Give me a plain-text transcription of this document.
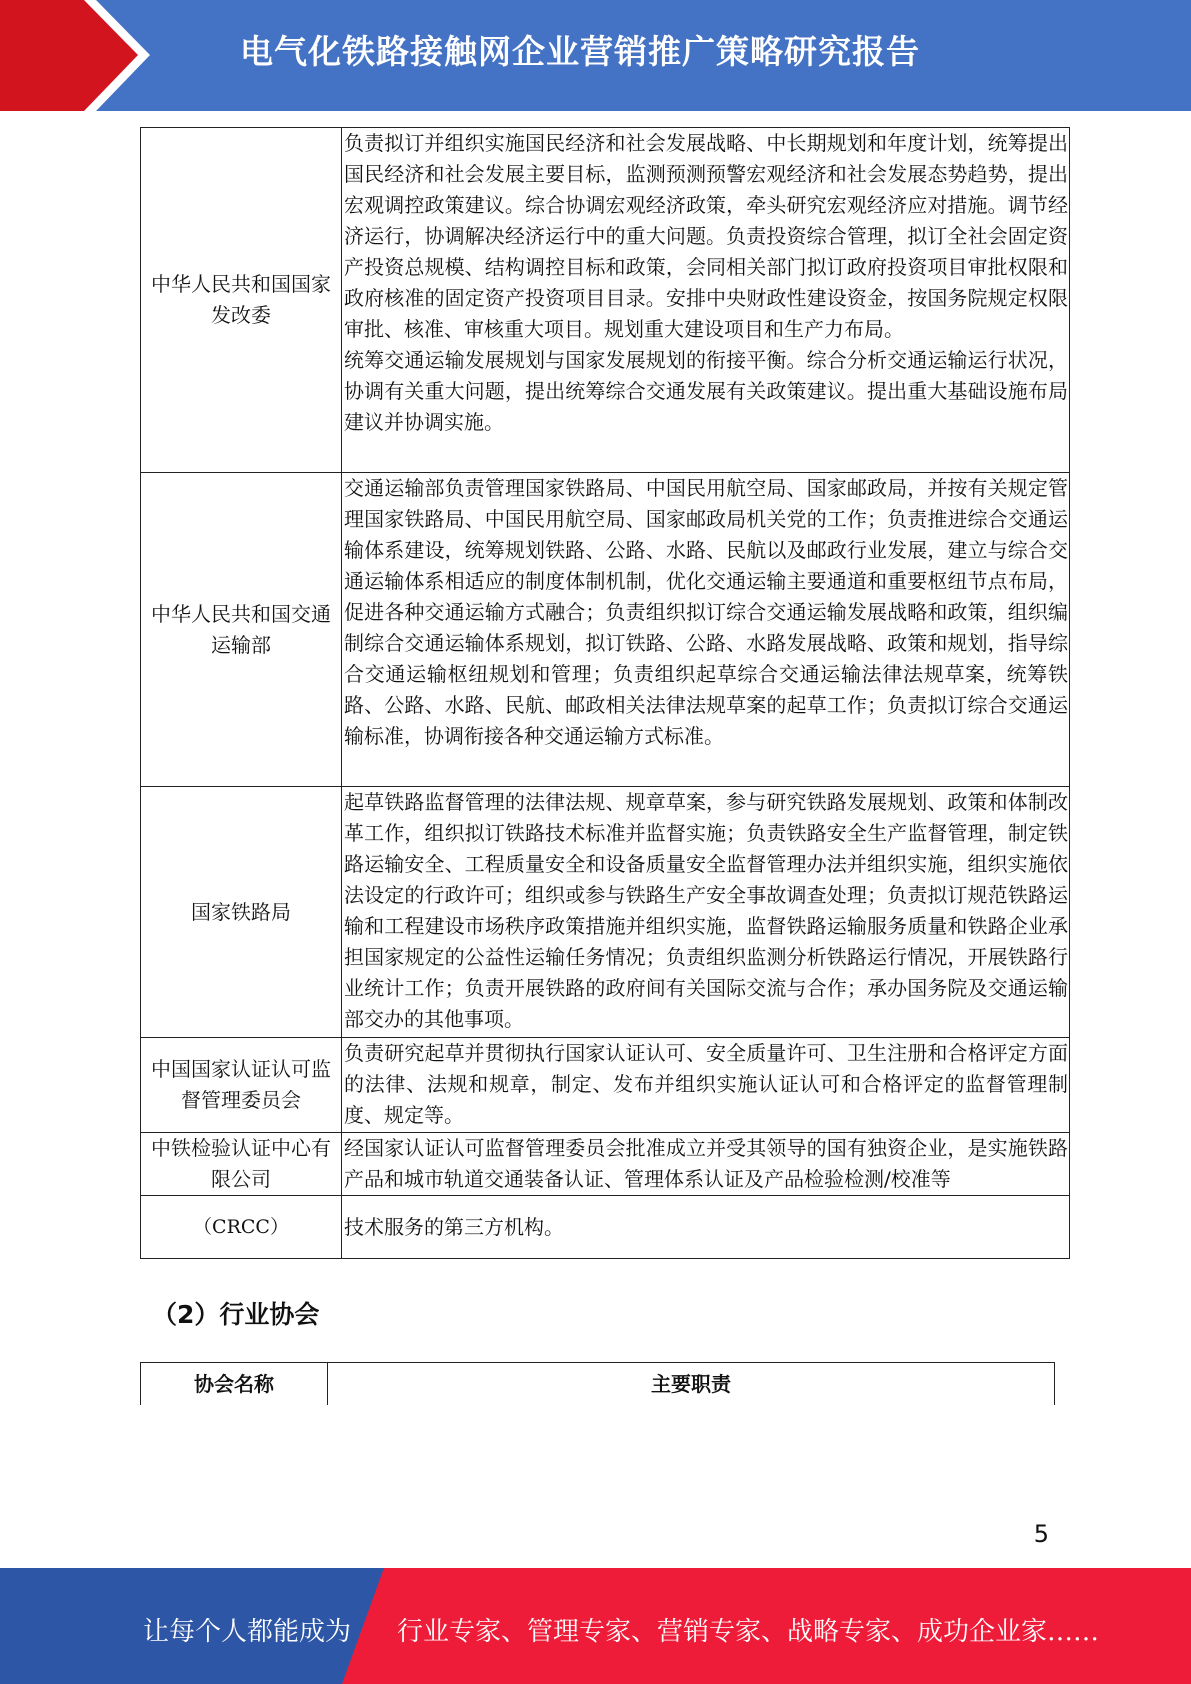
电气化铁路接触网企业营销推广策略研究报告
中华人民共和国国家发改委	负责拟订并组织实施国民经济和社会发展战略、中长期规划和年度计划，统筹提出国民经济和社会发展主要目标，监测预测预警宏观经济和社会发展态势趋势，提出宏观调控政策建议。综合协调宏观经济政策，牵头研究宏观经济应对措施。调节经济运行，协调解决经济运行中的重大问题。负责投资综合管理，拟订全社会固定资产投资总规模、结构调控目标和政策，会同相关部门拟订政府投资项目审批权限和政府核准的固定资产投资项目目录。安排中央财政性建设资金，按国务院规定权限审批、核准、审核重大项目。规划重大建设项目和生产力布局。
统筹交通运输发展规划与国家发展规划的衔接平衡。综合分析交通运输运行状况，协调有关重大问题，提出统筹综合交通发展有关政策建议。提出重大基础设施布局建议并协调实施。

中华人民共和国交通运输部	交通运输部负责管理国家铁路局、中国民用航空局、国家邮政局，并按有关规定管理国家铁路局、中国民用航空局、国家邮政局机关党的工作；负责推进综合交通运输体系建设，统筹规划铁路、公路、水路、民航以及邮政行业发展，建立与综合交通运输体系相适应的制度体制机制，优化交通运输主要通道和重要枢纽节点布局，促进各种交通运输方式融合；负责组织拟订综合交通运输发展战略和政策，组织编制综合交通运输体系规划，拟订铁路、公路、水路发展战略、政策和规划，指导综合交通运输枢纽规划和管理；负责组织起草综合交通运输法律法规草案，统筹铁路、公路、水路、民航、邮政相关法律法规草案的起草工作；负责拟订综合交通运输标准，协调衔接各种交通运输方式标准。
国家铁路局	起草铁路监督管理的法律法规、规章草案，参与研究铁路发展规划、政策和体制改革工作，组织拟订铁路技术标准并监督实施；负责铁路安全生产监督管理，制定铁路运输安全、工程质量安全和设备质量安全监督管理办法并组织实施，组织实施依法设定的行政许可；组织或参与铁路生产安全事故调查处理；负责拟订规范铁路运输和工程建设市场秩序政策措施并组织实施，监督铁路运输服务质量和铁路企业承担国家规定的公益性运输任务情况；负责组织监测分析铁路运行情况，开展铁路行业统计工作；负责开展铁路的政府间有关国际交流与合作；承办国务院及交通运输部交办的其他事项。
中国国家认证认可监督管理委员会	负责研究起草并贯彻执行国家认证认可、安全质量许可、卫生注册和合格评定方面的法律、法规和规章，制定、发布并组织实施认证认可和合格评定的监督管理制度、规定等。
中铁检验认证中心有限公司	经国家认证认可监督管理委员会批准成立并受其领导的国有独资企业，是实施铁路产品和城市轨道交通装备认证、管理体系认证及产品检验检测/校准等
（CRCC）	技术服务的第三方机构。
（2）行业协会
协会名称	主要职责
5
让每个人都能成为 行业专家、管理专家、营销专家、战略专家、成功企业家……
